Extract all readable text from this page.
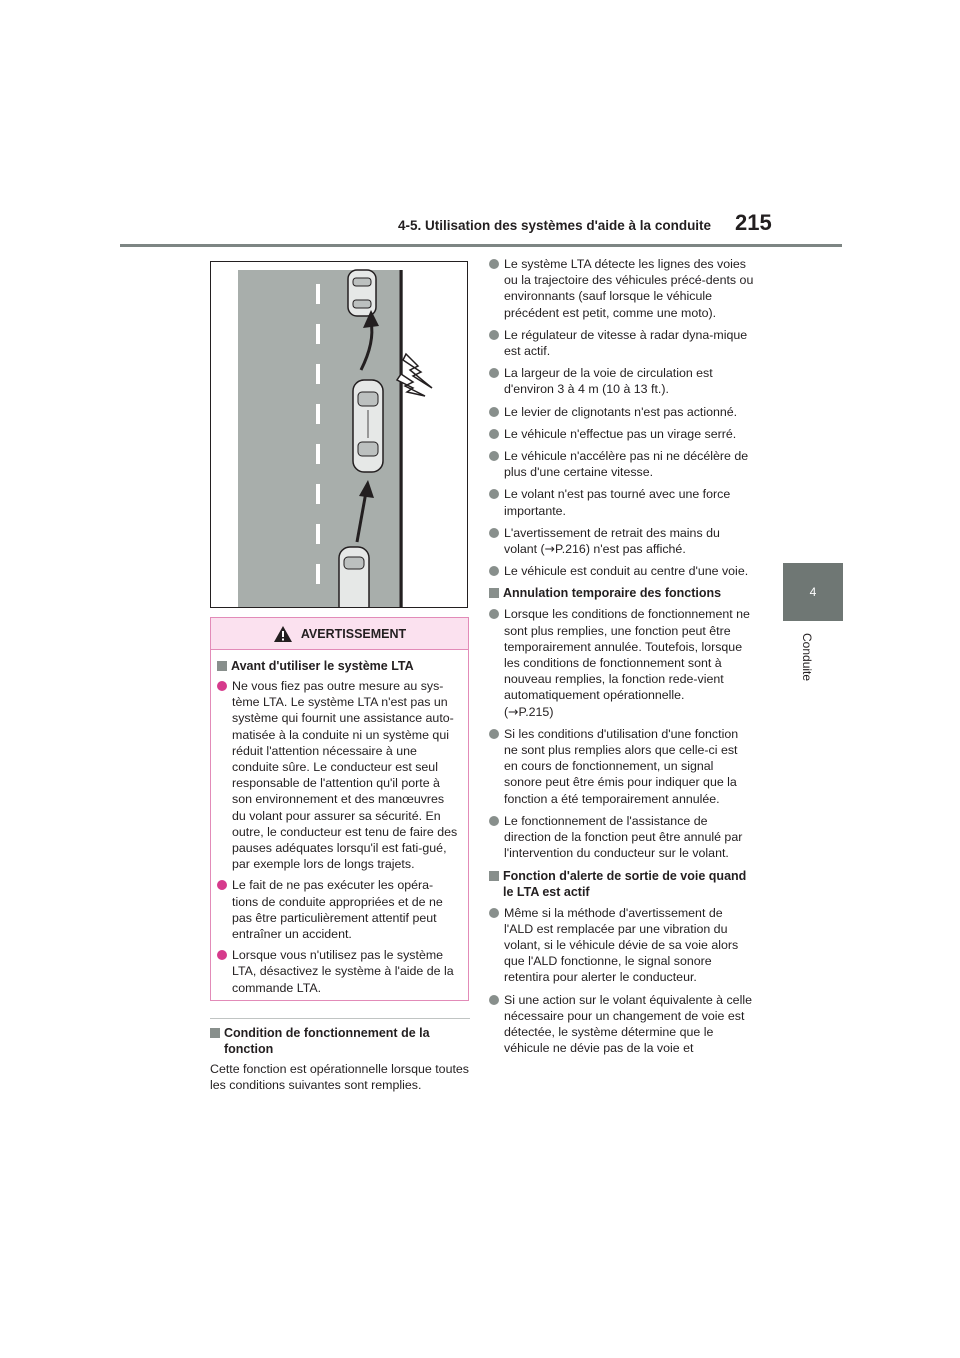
4-5. Utilisation des systèmes d'aide à la conduite 215
4
Conduite
AVERTISSEMENT
Avant d'utiliser le système LTA
Ne vous fiez pas outre mesure au sys-tème LTA. Le système LTA n'est pas un système qui fournit une assistance auto-matisée à la conduite ni un système qui réduit l'attention nécessaire à une conduite sûre. Le conducteur est seul responsable de l'attention qu'il porte à son environnement et des manœuvres du volant pour assurer sa sécurité. En outre, le conducteur est tenu de faire des pauses adéquates lorsqu'il est fati-gué, par exemple lors de longs trajets.
Le fait de ne pas exécuter les opéra-tions de conduite appropriées et de ne pas être particulièrement attentif peut entraîner un accident.
Lorsque vous n'utilisez pas le système LTA, désactivez le système à l'aide de la commande LTA.
Condition de fonctionnement de la fonction
Cette fonction est opérationnelle lorsque toutes les conditions suivantes sont remplies.
Le système LTA détecte les lignes des voies ou la trajectoire des véhicules précé-dents ou environnants (sauf lorsque le véhicule précédent est petit, comme une moto).
Le régulateur de vitesse à radar dyna-mique est actif.
La largeur de la voie de circulation est d'environ 3 à 4 m (10 à 13 ft.).
Le levier de clignotants n'est pas actionné.
Le véhicule n'effectue pas un virage serré.
Le véhicule n'accélère pas ni ne décélère de plus d'une certaine vitesse.
Le volant n'est pas tourné avec une force importante.
L'avertissement de retrait des mains du volant (→P.216) n'est pas affiché.
Le véhicule est conduit au centre d'une voie.
Annulation temporaire des fonctions
Lorsque les conditions de fonctionnement ne sont plus remplies, une fonction peut être temporairement annulée. Toutefois, lorsque les conditions de fonctionnement sont à nouveau remplies, la fonction rede-vient automatiquement opérationnelle.
(→P.215)
Si les conditions d'utilisation d'une fonction ne sont plus remplies alors que celle-ci est en cours de fonctionnement, un signal sonore peut être émis pour indiquer que la fonction a été temporairement annulée.
Le fonctionnement de l'assistance de direction de la fonction peut être annulé par l'intervention du conducteur sur le volant.
Fonction d'alerte de sortie de voie quand le LTA est actif
Même si la méthode d'avertissement de l'ALD est remplacée par une vibration du volant, si le véhicule dévie de sa voie alors que l'ALD fonctionne, le signal sonore retentira pour alerter le conducteur.
Si une action sur le volant équivalente à celle nécessaire pour un changement de voie est détectée, le système détermine que le véhicule ne dévie pas de la voie et
